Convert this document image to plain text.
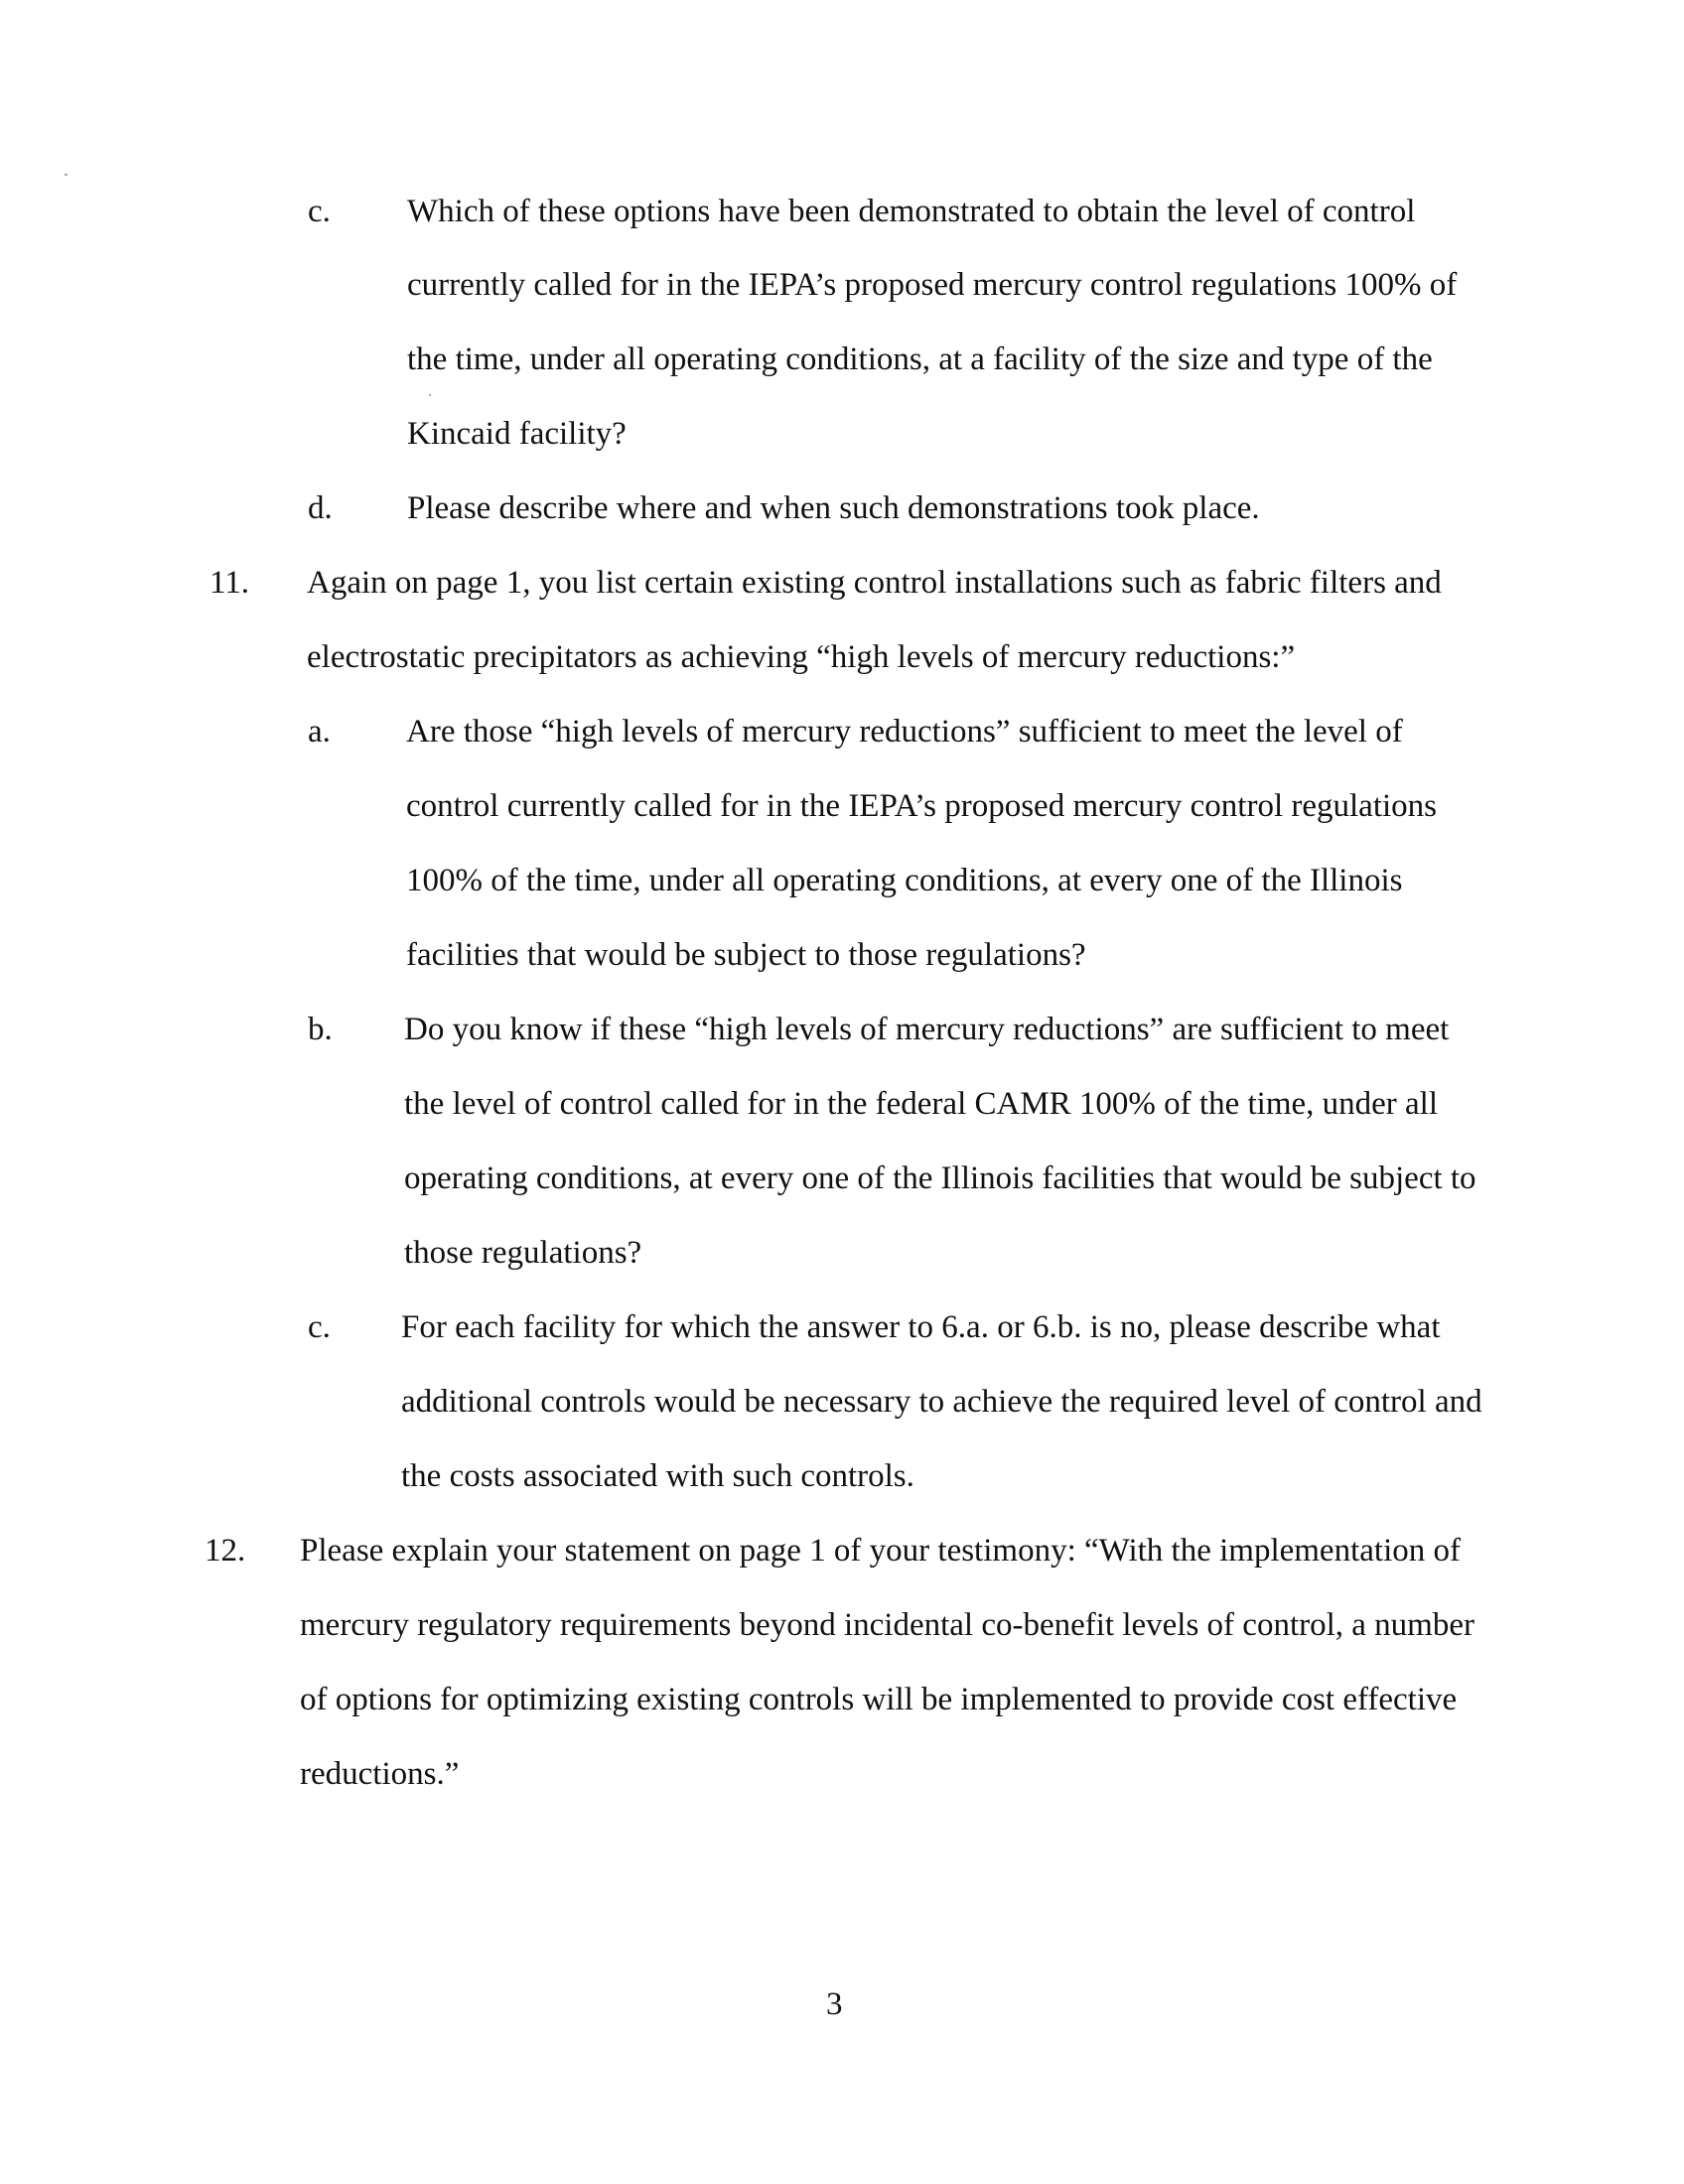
c. Which of these options have been demonstrated to obtain the level of control
currently called for in the IEPA’s proposed mercury control regulations 100% of
the time, under all operating conditions, at a facility of the size and type of the
Kincaid facility?
d. Please describe where and when such demonstrations took place.
11. Again on page 1, you list certain existing control installations such as fabric filters and
electrostatic precipitators as achieving “high levels of mercury reductions:”
a. Are those “high levels of mercury reductions” sufficient to meet the level of
control currently called for in the IEPA’s proposed mercury control regulations
100% of the time, under all operating conditions, at every one of the Illinois
facilities that would be subject to those regulations?
b. Do you know if these “high levels of mercury reductions” are sufficient to meet
the level of control called for in the federal CAMR 100% of the time, under all
operating conditions, at every one of the Illinois facilities that would be subject to
those regulations?
c. For each facility for which the answer to 6.a. or 6.b. is no, please describe what
additional controls would be necessary to achieve the required level of control and
the costs associated with such controls.
12. Please explain your statement on page 1 of your testimony: “With the implementation of
mercury regulatory requirements beyond incidental co-benefit levels of control, a number
of options for optimizing existing controls will be implemented to provide cost effective
reductions.”
3
